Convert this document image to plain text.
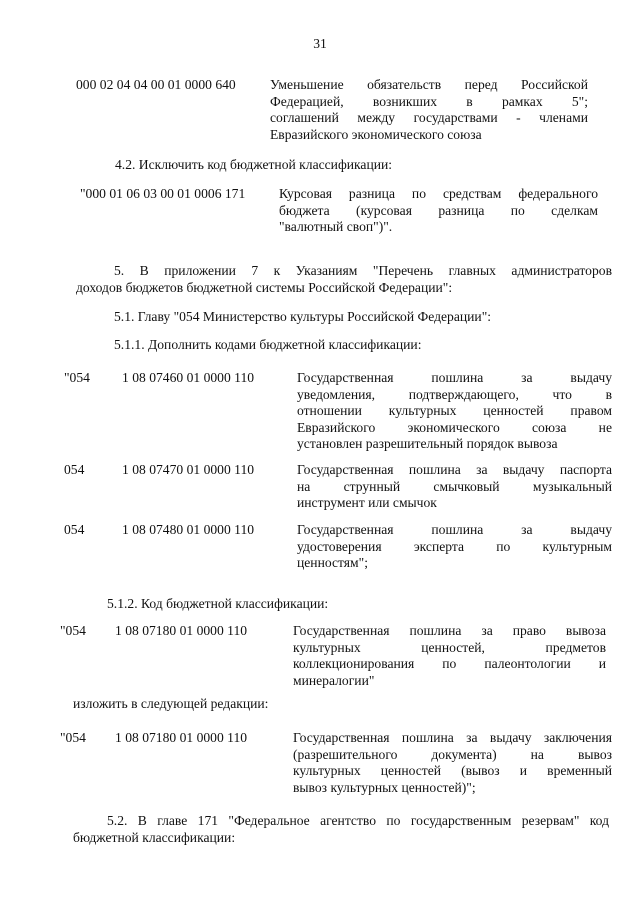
31
000 02 04 04 00 01 0000 640	Уменьшение обязательств перед Российской
Федерацией, возникших в рамках 5";
соглашений между государствами - членами
Евразийского экономического союза
4.2. Исключить код бюджетной классификации:
"000 01 06 03 00 01 0006 171 Курсовая разница по средствам федерального
бюджета (курсовая разница по сделкам
"валютный своп")".
5. В приложении 7 к Указаниям "Перечень главных администраторов
доходов бюджетов бюджетной системы Российской Федерации":
5.1. Главу "054 Министерство культуры Российской Федерации":
5.1.1. Дополнить кодами бюджетной классификации:
"054 1 08 07460 01 0000 110	Государственная пошлина за выдачу
уведомления, подтверждающего, что в
отношении культурных ценностей правом
Евразийского экономического союза не
установлен разрешительный порядок вывоза
054	1 08 07470 01 0000 110	Государственная пошлина за выдачу паспорта
на струнный смычковый музыкальный
инструмент или смычок
054	1 08 07480 01 0000 110	Государственная пошлина за выдачу
удостоверения эксперта по культурным
ценностям";
5.1.2. Код бюджетной классификации:
"054 1 08 07180 01 0000 110	Государственная пошлина за право вывоза
культурных ценностей, предметов
коллекционирования по палеонтологии и
минералогии"
изложить в следующей редакции:
"054 1 08 07180 01 0000 110	Государственная пошлина за выдачу заключения
(разрешительного документа) на вывоз
культурных ценностей (вывоз и временный
вывоз культурных ценностей)";
5.2. В главе 171 "Федеральное агентство по государственным резервам" код
бюджетной классификации:
